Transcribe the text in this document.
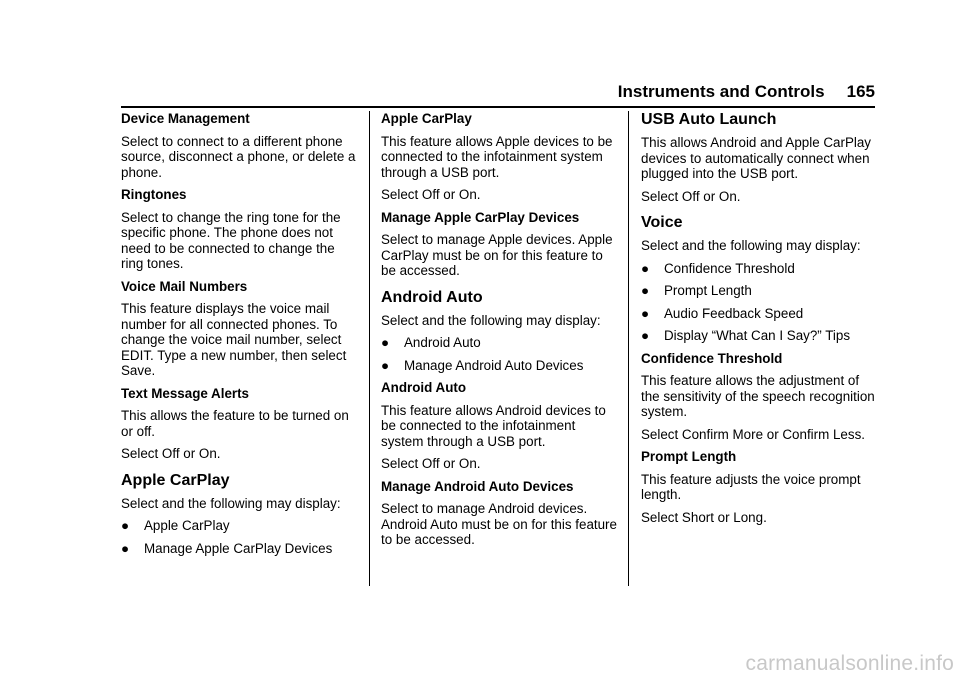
Instruments and Controls 165

Device Management

Select to connect to a different phone source, disconnect a phone, or delete a phone.

Ringtones

Select to change the ring tone for the specific phone. The phone does not need to be connected to change the ring tones.

Voice Mail Numbers

This feature displays the voice mail number for all connected phones. To change the voice mail number, select EDIT. Type a new number, then select Save.

Text Message Alerts

This allows the feature to be turned on or off.

Select Off or On.

Apple CarPlay

Select and the following may display:

● Apple CarPlay
● Manage Apple CarPlay Devices

Apple CarPlay

This feature allows Apple devices to be connected to the infotainment system through a USB port.

Select Off or On.

Manage Apple CarPlay Devices

Select to manage Apple devices. Apple CarPlay must be on for this feature to be accessed.

Android Auto

Select and the following may display:

● Android Auto
● Manage Android Auto Devices

Android Auto

This feature allows Android devices to be connected to the infotainment system through a USB port.

Select Off or On.

Manage Android Auto Devices

Select to manage Android devices. Android Auto must be on for this feature to be accessed.

USB Auto Launch

This allows Android and Apple CarPlay devices to automatically connect when plugged into the USB port.

Select Off or On.

Voice

Select and the following may display:

● Confidence Threshold
● Prompt Length
● Audio Feedback Speed
● Display “What Can I Say?” Tips

Confidence Threshold

This feature allows the adjustment of the sensitivity of the speech recognition system.

Select Confirm More or Confirm Less.

Prompt Length

This feature adjusts the voice prompt length.

Select Short or Long.

carmanualsonline.info
